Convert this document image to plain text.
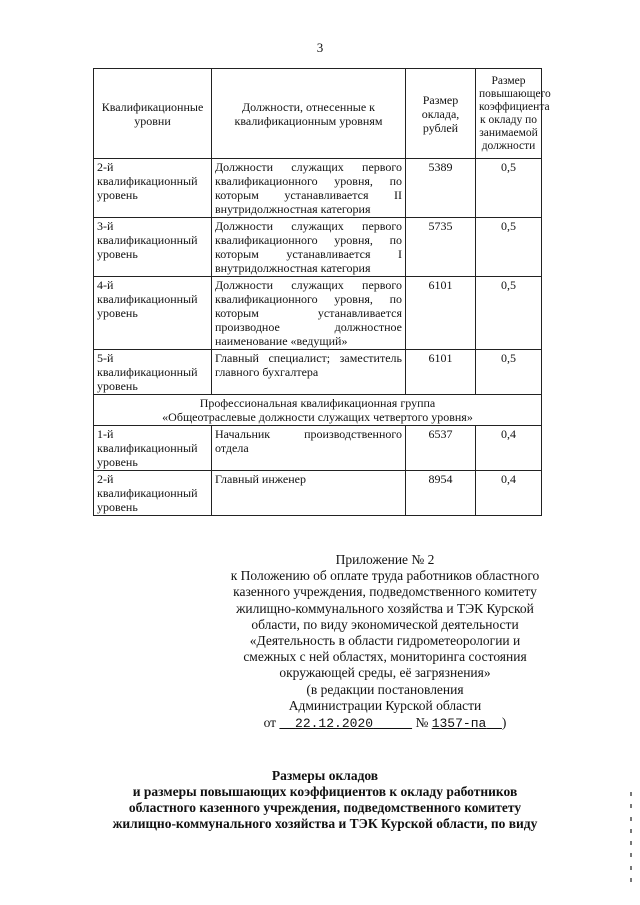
3
Квалификационные уровни	Должности, отнесенные к квалификационным уровням	Размер оклада, рублей	Размер повышающего коэффициента к окладу по занимаемой должности
2-й квалификационный уровень	Должности служащих первого квалификационного уровня, по которым устанавливается II внутридолжностная категория	5389	0,5
3-й квалификационный уровень	Должности служащих первого квалификационного уровня, по которым устанавливается I внутридолжностная категория	5735	0,5
4-й квалификационный уровень	Должности служащих первого квалификационного уровня, по которым устанавливается производное должностное наименование «ведущий»	6101	0,5
5-й квалификационный уровень	Главный специалист; заместитель главного бухгалтера	6101	0,5
Профессиональная квалификационная группа
«Общеотраслевые должности служащих четвертого уровня»			
1-й квалификационный уровень	Начальник производственного отдела	6537	0,4
2-й квалификационный уровень	Главный инженер	8954	0,4
Приложение № 2
к Положению об оплате труда работников областного
казенного учреждения, подведомственного комитету
жилищно-коммунального хозяйства и ТЭК Курской
области, по виду экономической деятельности
«Деятельность в области гидрометеорологии и
смежных с ней областях, мониторинга состояния
окружающей среды, её загрязнения»
(в редакции постановления
Администрации Курской области
от 22.12.2020	№ 1357-па )
Размеры окладов
и размеры повышающих коэффициентов к окладу работников
областного казенного учреждения, подведомственного комитету
жилищно-коммунального хозяйства и ТЭК Курской области, по виду
